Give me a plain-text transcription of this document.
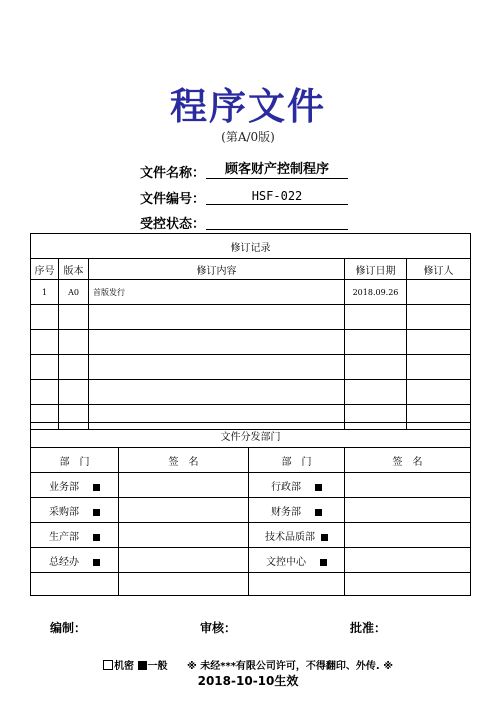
程序文件
(第A/0版)
文件名称：	顾客财产控制程序
文件编号：	HSF-022
受控状态：
修订记录				
序号	版本	修订内容	修订日期	修订人
1	A0	首版发行	2018.09.26	

文件分发部门			
部　门	签　名	部　门	签　名
业务部		行政部	
采购部		财务部	
生产部		技术品质部	
总经办		文控中心	

编制：	审核：	批准：
机密 一般 ※ 未经***有限公司许可，不得翻印、外传. ※
2018-10-10生效
